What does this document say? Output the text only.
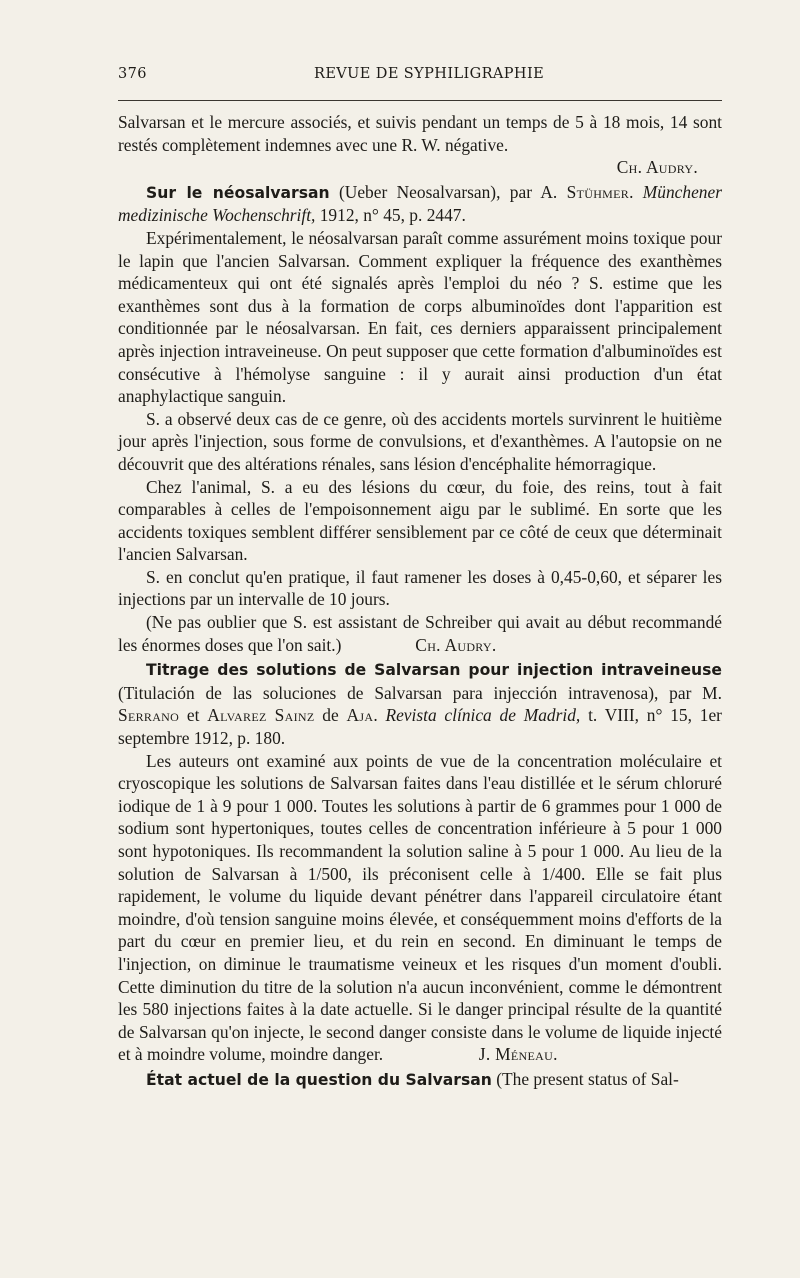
376	REVUE DE SYPHILIGRAPHIE

Salvarsan et le mercure associés, et suivis pendant un temps de 5 à 18 mois, 14 sont restés complètement indemnes avec une R. W. négative.

Ch. Audry.

Sur le néosalvarsan (Ueber Neosalvarsan), par A. Stühmer. Münchener medizinische Wochenschrift, 1912, n° 45, p. 2447.

Expérimentalement, le néosalvarsan paraît comme assurément moins toxique pour le lapin que l'ancien Salvarsan. Comment expliquer la fréquence des exanthèmes médicamenteux qui ont été signalés après l'emploi du néo ? S. estime que les exanthèmes sont dus à la formation de corps albuminoïdes dont l'apparition est conditionnée par le néosalvarsan. En fait, ces derniers apparaissent principalement après injection intraveineuse. On peut supposer que cette formation d'albuminoïdes est consécutive à l'hémolyse sanguine : il y aurait ainsi production d'un état anaphylactique sanguin.

S. a observé deux cas de ce genre, où des accidents mortels survinrent le huitième jour après l'injection, sous forme de convulsions, et d'exanthèmes. A l'autopsie on ne découvrit que des altérations rénales, sans lésion d'encéphalite hémorragique.

Chez l'animal, S. a eu des lésions du cœur, du foie, des reins, tout à fait comparables à celles de l'empoisonnement aigu par le sublimé. En sorte que les accidents toxiques semblent différer sensiblement par ce côté de ceux que déterminait l'ancien Salvarsan.

S. en conclut qu'en pratique, il faut ramener les doses à 0,45-0,60, et séparer les injections par un intervalle de 10 jours.

(Ne pas oublier que S. est assistant de Schreiber qui avait au début recommandé les énormes doses que l'on sait.)	Ch. Audry.

Titrage des solutions de Salvarsan pour injection intraveineuse (Titulación de las soluciones de Salvarsan para injección intravenosa), par M. Serrano et Alvarez Sainz de Aja. Revista clínica de Madrid, t. VIII, n° 15, 1er septembre 1912, p. 180.

Les auteurs ont examiné aux points de vue de la concentration moléculaire et cryoscopique les solutions de Salvarsan faites dans l'eau distillée et le sérum chloruré iodique de 1 à 9 pour 1 000. Toutes les solutions à partir de 6 grammes pour 1 000 de sodium sont hypertoniques, toutes celles de concentration inférieure à 5 pour 1 000 sont hypotoniques. Ils recommandent la solution saline à 5 pour 1 000. Au lieu de la solution de Salvarsan à 1/500, ils préconisent celle à 1/400. Elle se fait plus rapidement, le volume du liquide devant pénétrer dans l'appareil circulatoire étant moindre, d'où tension sanguine moins élevée, et conséquemment moins d'efforts de la part du cœur en premier lieu, et du rein en second. En diminuant le temps de l'injection, on diminue le traumatisme veineux et les risques d'un moment d'oubli. Cette diminution du titre de la solution n'a aucun inconvénient, comme le démontrent les 580 injections faites à la date actuelle. Si le danger principal résulte de la quantité de Salvarsan qu'on injecte, le second danger consiste dans le volume de liquide injecté et à moindre volume, moindre danger.	J. Méneau.

État actuel de la question du Salvarsan (The present status of Sal-
